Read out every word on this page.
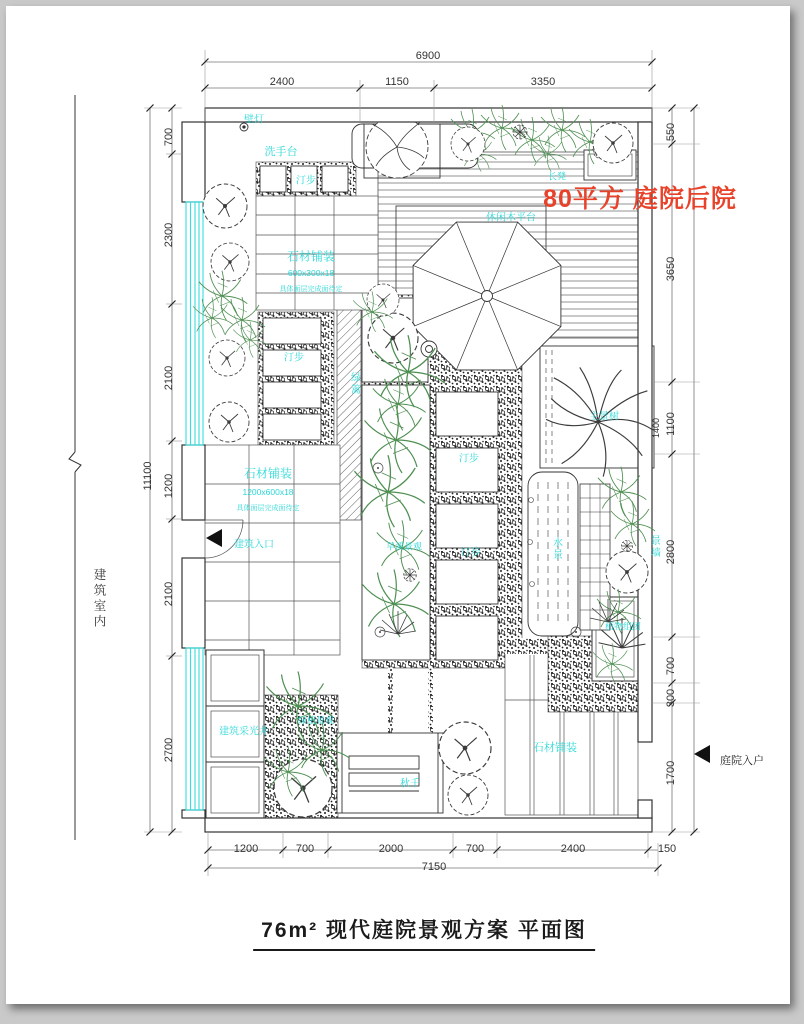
6900
2400	1150	3350
1200	700	2000	700	2400	150
7150
11100
700
2300
2100
1200
2100
2700
550
3650
1100
2800
700
300
1700
1400
壁灯
洗手台
汀步	长凳
休闲木平台
石材铺装
600x300x18
具体面层完成面待定
绿篱
汀步
石材铺装
1200x600x18
具体面层完成面待定
建筑入口
汀步
汀步
旱溪景观
主景树
水景	景墙
植物组团
石材铺装
秋千
绿植景观
建筑采光井
庭院入户
建筑室内
80平方 庭院后院
76m² 现代庭院景观方案 平面图
